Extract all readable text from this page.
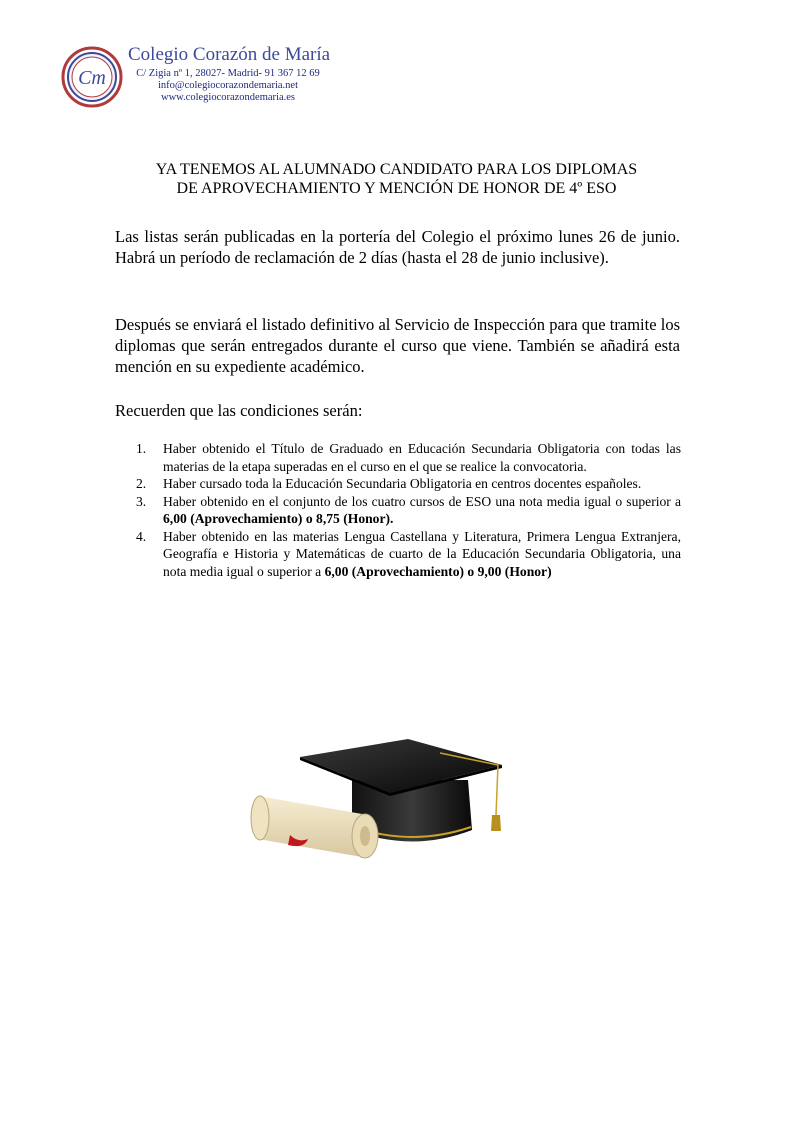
Cm
Colegio Corazón de María
C/ Zigia nº 1, 28027- Madrid- 91 367 12 69
info@colegiocorazondemaria.net
www.colegiocorazondemaria.es
YA TENEMOS AL ALUMNADO CANDIDATO PARA LOS DIPLOMAS
DE APROVECHAMIENTO Y MENCIÓN DE HONOR DE 4º ESO

Las listas serán publicadas en la portería del Colegio el próximo lunes 26 de junio. Habrá un período de reclamación de 2 días (hasta el 28 de junio inclusive).

Después se enviará el listado definitivo al Servicio de Inspección para que tramite los diplomas que serán entregados durante el curso que viene. También se añadirá esta mención en su expediente académico.

Recuerden que las condiciones serán:

1. Haber obtenido el Título de Graduado en Educación Secundaria Obligatoria con todas las materias de la etapa superadas en el curso en el que se realice la convocatoria.
2. Haber cursado toda la Educación Secundaria Obligatoria en centros docentes españoles.
3. Haber obtenido en el conjunto de los cuatro cursos de ESO una nota media igual o superior a 6,00 (Aprovechamiento) o 8,75 (Honor).
4. Haber obtenido en las materias Lengua Castellana y Literatura, Primera Lengua Extranjera, Geografía e Historia y Matemáticas de cuarto de la Educación Secundaria Obligatoria, una nota media igual o superior a 6,00 (Aprovechamiento) o 9,00 (Honor)
